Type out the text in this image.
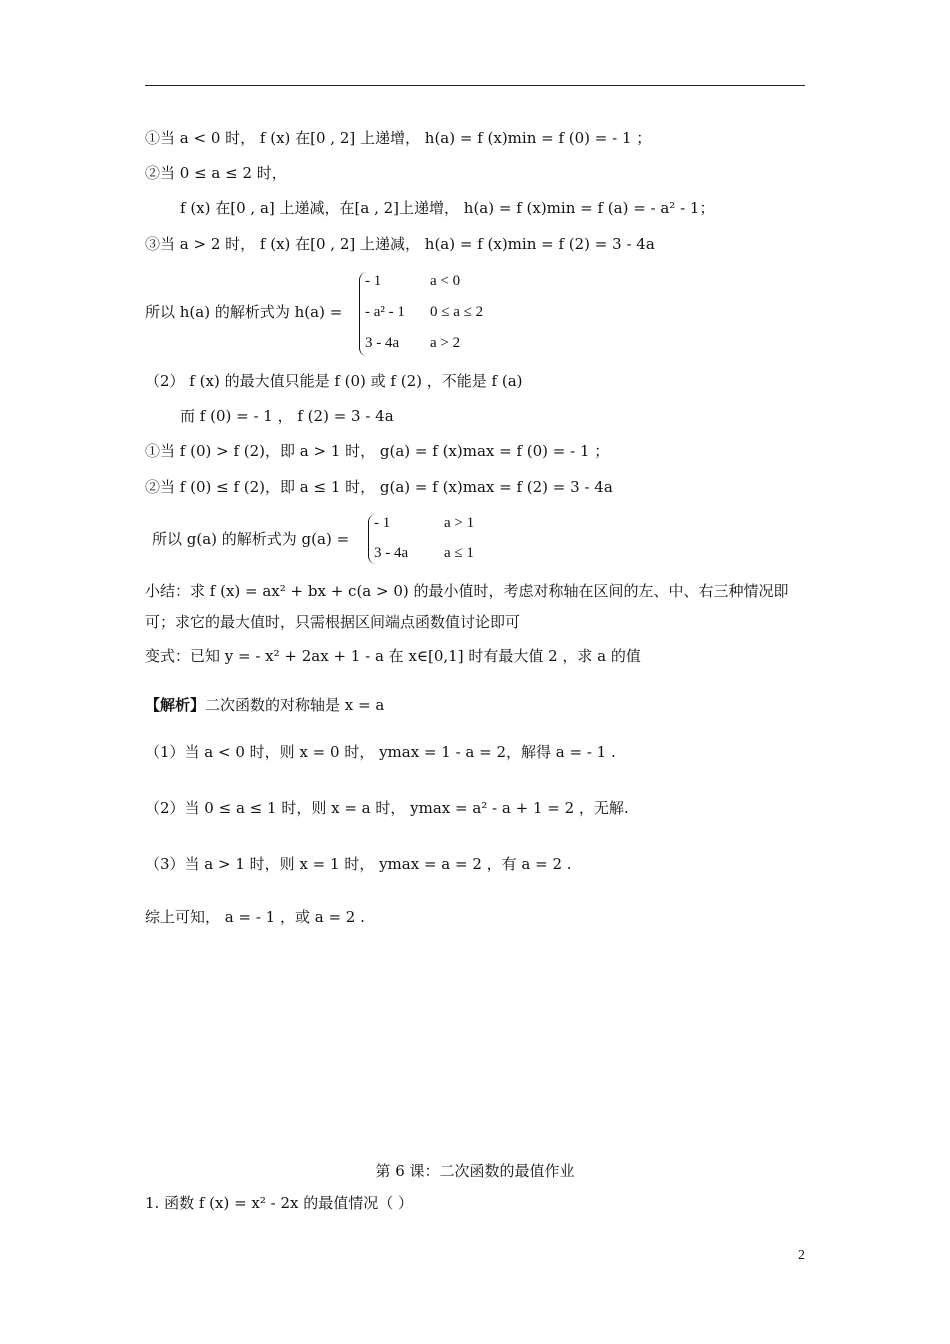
①当 a < 0 时， f (x) 在[0 , 2] 上递增， h(a) = f (x)min = f (0) = - 1 ；
②当 0 ≤ a ≤ 2 时，
f (x) 在[0 , a] 上递减，在[a , 2]上递增， h(a) = f (x)min = f (a) = - a² - 1；
③当 a > 2 时， f (x) 在[0 , 2] 上递减， h(a) = f (x)min = f (2) = 3 - 4a
所以 h(a) 的解析式为 h(a) =
- 1	a < 0
- a² - 1 0 ≤ a ≤ 2
3 - 4a a > 2
（2） f (x) 的最大值只能是 f (0) 或 f (2) ，不能是 f (a)
而 f (0) = - 1 ， f (2) = 3 - 4a
①当 f (0) > f (2)，即 a > 1 时， g(a) = f (x)max = f (0) = - 1 ；
②当 f (0) ≤ f (2)，即 a ≤ 1 时， g(a) = f (x)max = f (2) = 3 - 4a
所以 g(a) 的解析式为 g(a) =
- 1	a > 1
3 - 4a a ≤ 1
小结：求 f (x) = ax² + bx + c(a > 0) 的最小值时，考虑对称轴在区间的左、中、右三种情况即
可；求它的最大值时，只需根据区间端点函数值讨论即可
变式：已知 y = - x² + 2ax + 1 - a 在 x∈[0,1] 时有最大值 2 ，求 a 的值
【解析】二次函数的对称轴是 x = a
（1）当 a < 0 时，则 x = 0 时， ymax = 1 - a = 2，解得 a = - 1 .
（2）当 0 ≤ a ≤ 1 时，则 x = a 时， ymax = a² - a + 1 = 2 ，无解.
（3）当 a > 1 时，则 x = 1 时， ymax = a = 2 ，有 a = 2 .
综上可知， a = - 1 ，或 a = 2 .
第 6 课：二次函数的最值作业
1. 函数 f (x) = x² - 2x 的最值情况（ ）
2
